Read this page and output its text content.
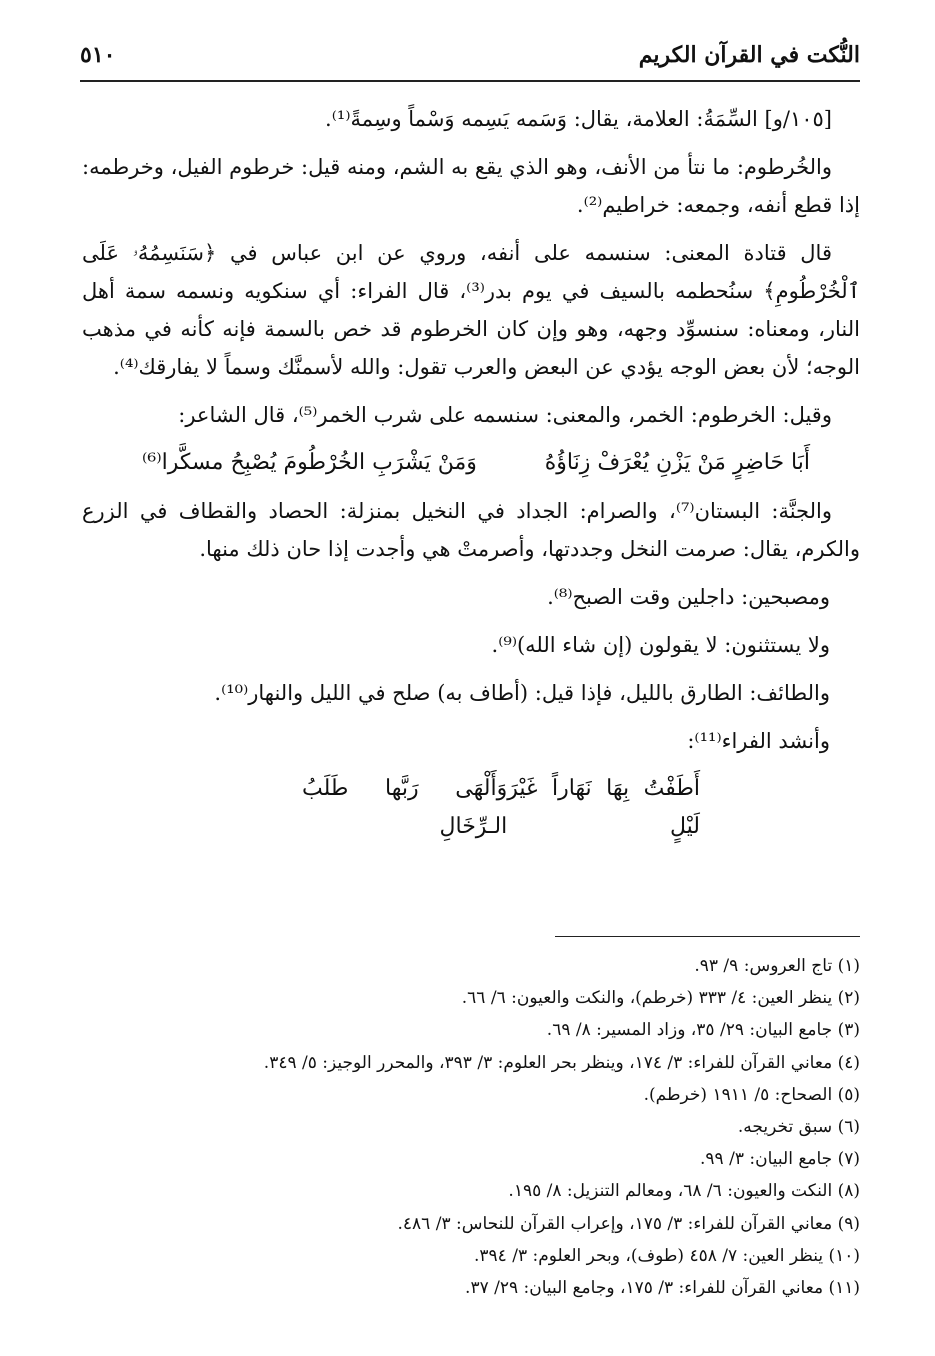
النُّكت في القرآن الكريم
٥١٠

[١٠٥/و] السِّمَةُ: العلامة، يقال: وَسَمه يَسِمه وَسْماً وسِمةً⁽¹⁾.

والخُرطوم: ما نتأ من الأنف، وهو الذي يقع به الشم، ومنه قيل: خرطوم الفيل، وخرطمه: إذا قطع أنفه، وجمعه: خراطيم⁽²⁾.

قال قتادة المعنى: سنسمه على أنفه، وروي عن ابن عباس في ﴿سَنَسِمُهُۥ عَلَى ٱلْخُرْطُومِ﴾ سنُحطمه بالسيف في يوم بدر⁽³⁾، قال الفراء: أي سنكويه ونسمه سمة أهل النار، ومعناه: سنسوِّد وجهه، وهو وإن كان الخرطوم قد خص بالسمة فإنه كأنه في مذهب الوجه؛ لأن بعض الوجه يؤدي عن البعض والعرب تقول: والله لأسمنَّك وسماً لا يفارقك⁽⁴⁾.

وقيل: الخرطوم: الخمر، والمعنى: سنسمه على شرب الخمر⁽⁵⁾، قال الشاعر:

أَبَا حَاضِرٍ مَنْ يَزْنِ يُعْرَفْ زِنَاؤُهُ
وَمَنْ يَشْرَبِ الخُرْطُومَ يُصْبِحُ مسكَّرا⁽⁶⁾

والجنَّة: البستان⁽⁷⁾، والصرام: الجداد في النخيل بمنزلة: الحصاد والقطاف في الزرع والكرم، يقال: صرمت النخل وجددتها، وأصرمتْ هي وأجدت إذا حان ذلك منها.

ومصبحين: داجلين وقت الصبح⁽⁸⁾.

ولا يستثنون: لا يقولون (إن شاء الله)⁽⁹⁾.

والطائف: الطارق بالليل، فإذا قيل: (أطاف به) صلح في الليل والنهار⁽¹⁰⁾.

وأنشد الفراء⁽¹¹⁾:

أَطَفْتُ بِهَا نَهَاراً غَيْرَ لَيْلٍ
وَأَلْهَى رَبَّها طَلَبُ الـرِّخَالِ

(١) تاج العروس: ٩/ ٩٣.

(٢) ينظر العين: ٤/ ٣٣٣ (خرطم)، والنكت والعيون: ٦/ ٦٦.

(٣) جامع البيان: ٢٩/ ٣٥، وزاد المسير: ٨/ ٦٩.

(٤) معاني القرآن للفراء: ٣/ ١٧٤، وينظر بحر العلوم: ٣/ ٣٩٣، والمحرر الوجيز: ٥/ ٣٤٩.

(٥) الصحاح: ٥/ ١٩١١ (خرطم).

(٦) سبق تخريجه.

(٧) جامع البيان: ٣/ ٩٩.

(٨) النكت والعيون: ٦/ ٦٨، ومعالم التنزيل: ٨/ ١٩٥.

(٩) معاني القرآن للفراء: ٣/ ١٧٥، وإعراب القرآن للنحاس: ٣/ ٤٨٦.

(١٠) ينظر العين: ٧/ ٤٥٨ (طوف)، وبحر العلوم: ٣/ ٣٩٤.

(١١) معاني القرآن للفراء: ٣/ ١٧٥، وجامع البيان: ٢٩/ ٣٧.
